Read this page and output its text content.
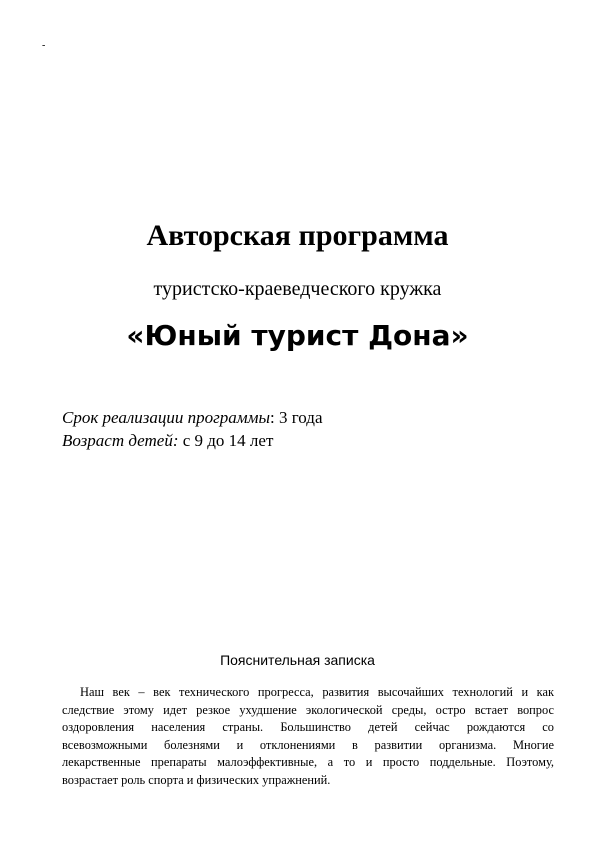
-
Авторская программа
туристско-краеведческого кружка
«Юный турист Дона»
Срок реализации программы: 3 года
Возраст детей: с 9 до 14 лет
Пояснительная записка
Наш век – век технического прогресса, развития высочайших технологий и как
следствие этому идет резкое ухудшение экологической среды, остро встает вопрос
оздоровления населения страны. Большинство детей сейчас рождаются со
всевозможными болезнями и отклонениями в развитии организма. Многие
лекарственные препараты малоэффективные, а то и просто поддельные. Поэтому,
возрастает роль спорта и физических упражнений.
